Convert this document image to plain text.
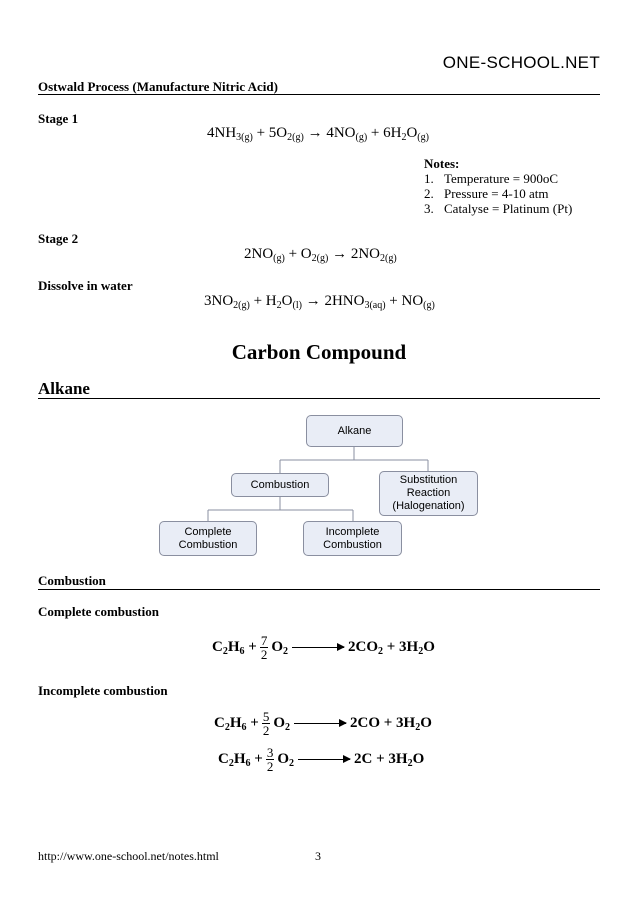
ONE-SCHOOL.NET
Ostwald Process (Manufacture Nitric Acid)
Stage 1
$4NH_{3(g)} + 5O_{2(g)} \to 4NO_{(g)} + 6H_2O_{(g)}$
Notes:
1. Temperature = 900oC
2. Pressure = 4-10 atm
3. Catalyse = Platinum (Pt)
Stage 2
$2NO_{(g)} + O_{2(g)} \to 2NO_{2(g)}$
Dissolve in water
$3NO_{2(g)} + H_2O_{(l)} \to 2HNO_{3(aq)} + NO_{(g)}$
Carbon Compound
Alkane
Alkane
Combustion	Substitution Reaction (Halogenation)
Complete Combustion
Incomplete Combustion
Combustion
Complete combustion
$C_2H_6 + \frac{7}{2} O_2 \to 2CO_2 + 3H_2O$
Incomplete combustion
$C_2H_6 + \frac{5}{2} O_2 \to 2CO + 3H_2O$
$C_2H_6 + \frac{3}{2} O_2 \to 2C + 3H_2O$
http://www.one-school.net/notes.html	3
